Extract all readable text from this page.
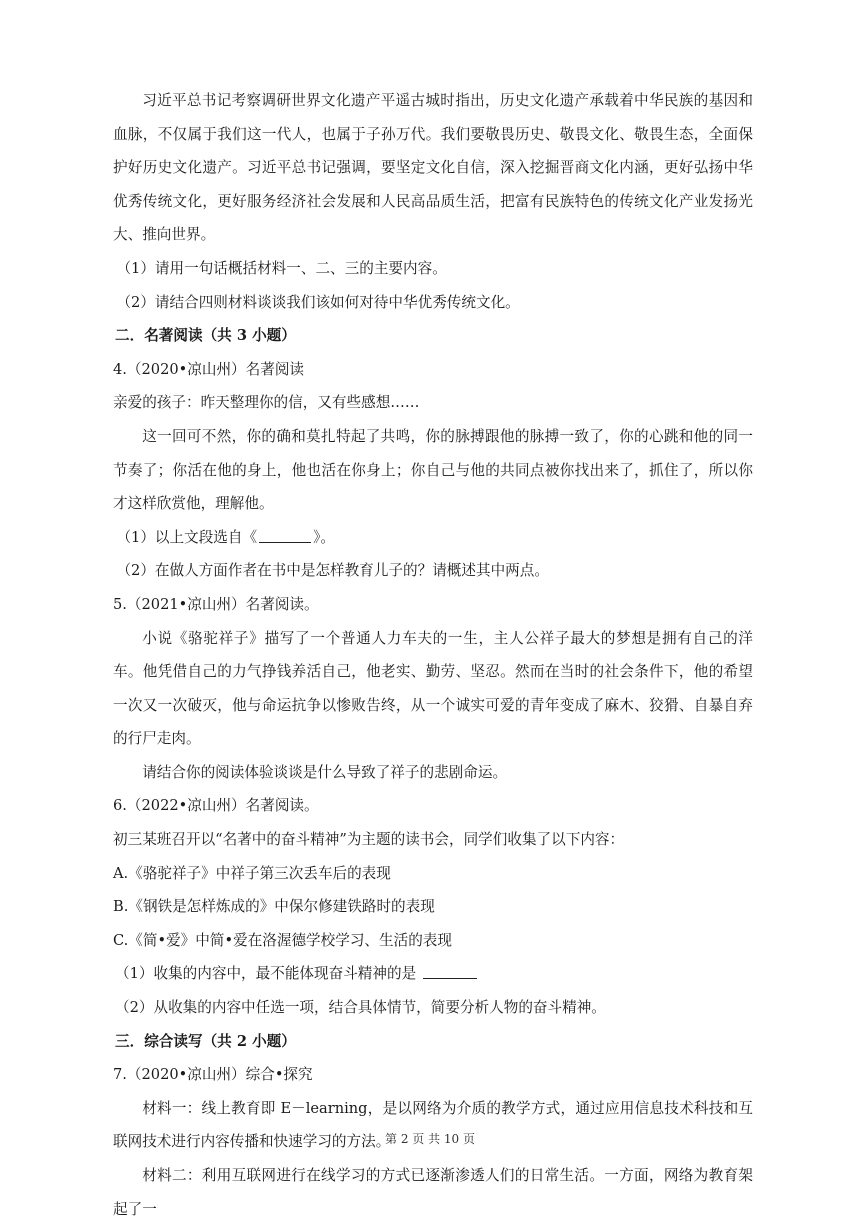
习近平总书记考察调研世界文化遗产平遥古城时指出，历史文化遗产承载着中华民族的基因和血脉，不仅属于我们这一代人，也属于子孙万代。我们要敬畏历史、敬畏文化、敬畏生态，全面保护好历史文化遗产。习近平总书记强调，要坚定文化自信，深入挖掘晋商文化内涵，更好弘扬中华优秀传统文化，更好服务经济社会发展和人民高品质生活，把富有民族特色的传统文化产业发扬光大、推向世界。

（1）请用一句话概括材料一、二、三的主要内容。

（2）请结合四则材料谈谈我们该如何对待中华优秀传统文化。

二．名著阅读（共 3 小题）

4.（2020•凉山州）名著阅读

亲爱的孩子：昨天整理你的信，又有些感想……

这一回可不然，你的确和莫扎特起了共鸣，你的脉搏跟他的脉搏一致了，你的心跳和他的同一节奏了；你活在他的身上，他也活在你身上；你自己与他的共同点被你找出来了，抓住了，所以你才这样欣赏他，理解他。

（1）以上文段选自《	》。

（2）在做人方面作者在书中是怎样教育儿子的？请概述其中两点。

5.（2021•凉山州）名著阅读。

小说《骆驼祥子》描写了一个普通人力车夫的一生，主人公祥子最大的梦想是拥有自己的洋车。他凭借自己的力气挣钱养活自己，他老实、勤劳、坚忍。然而在当时的社会条件下，他的希望一次又一次破灭，他与命运抗争以惨败告终，从一个诚实可爱的青年变成了麻木、狡猾、自暴自弃的行尸走肉。

请结合你的阅读体验谈谈是什么导致了祥子的悲剧命运。

6.（2022•凉山州）名著阅读。

初三某班召开以“名著中的奋斗精神”为主题的读书会，同学们收集了以下内容：

A.《骆驼祥子》中祥子第三次丢车后的表现

B.《钢铁是怎样炼成的》中保尔修建铁路时的表现

C.《简•爱》中简•爱在洛渥德学校学习、生活的表现

（1）收集的内容中，最不能体现奋斗精神的是

（2）从收集的内容中任选一项，结合具体情节，简要分析人物的奋斗精神。

三．综合读写（共 2 小题）

7.（2020•凉山州）综合•探究

材料一：线上教育即 E－learning，是以网络为介质的教学方式，通过应用信息技术科技和互联网技术进行内容传播和快速学习的方法。

材料二：利用互联网进行在线学习的方式已逐渐渗透人们的日常生活。一方面，网络为教育架起了一

第 2 页 共 10 页
